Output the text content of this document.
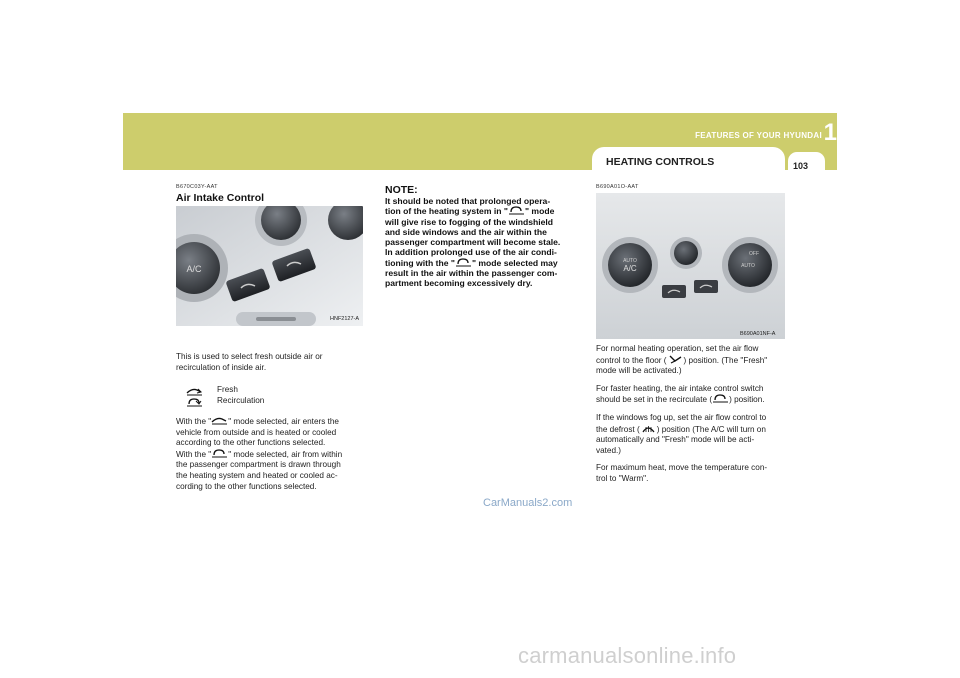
FEATURES OF YOUR HYUNDAI 1
HEATING CONTROLS	103
B670C03Y-AAT
Air Intake Control
A/C
HNF2127-A
This is used to select fresh outside air or recirculation of inside air.
Fresh
Recirculation
With the " " mode selected, air enters the
vehicle from outside and is heated or cooled
according to the other functions selected.
With the " " mode selected, air from within
the passenger compartment is drawn through
the heating system and heated or cooled ac-
cording to the other functions selected.
NOTE:
It should be noted that prolonged opera-
tion of the heating system in " " mode
will give rise to fogging of the windshield
and side windows and the air within the
passenger compartment will become stale.
In addition prolonged use of the air condi-
tioning with the " " mode selected may
result in the air within the passenger com-
partment becoming excessively dry.
B690A01O-AAT
AUTO
A/C
OFF
AUTO
B690A01NF-A
For normal heating operation, set the air flow
control to the floor ( ) position. (The "Fresh"
mode will be activated.)
For faster heating, the air intake control switch
should be set in the recirculate ( ) position.
If the windows fog up, set the air flow control to
the defrost ( ) position (The A/C will turn on
automatically and "Fresh" mode will be acti-
vated.)
For maximum heat, move the temperature con-
trol to "Warm".
CarManuals2.com
carmanualsonline.info
